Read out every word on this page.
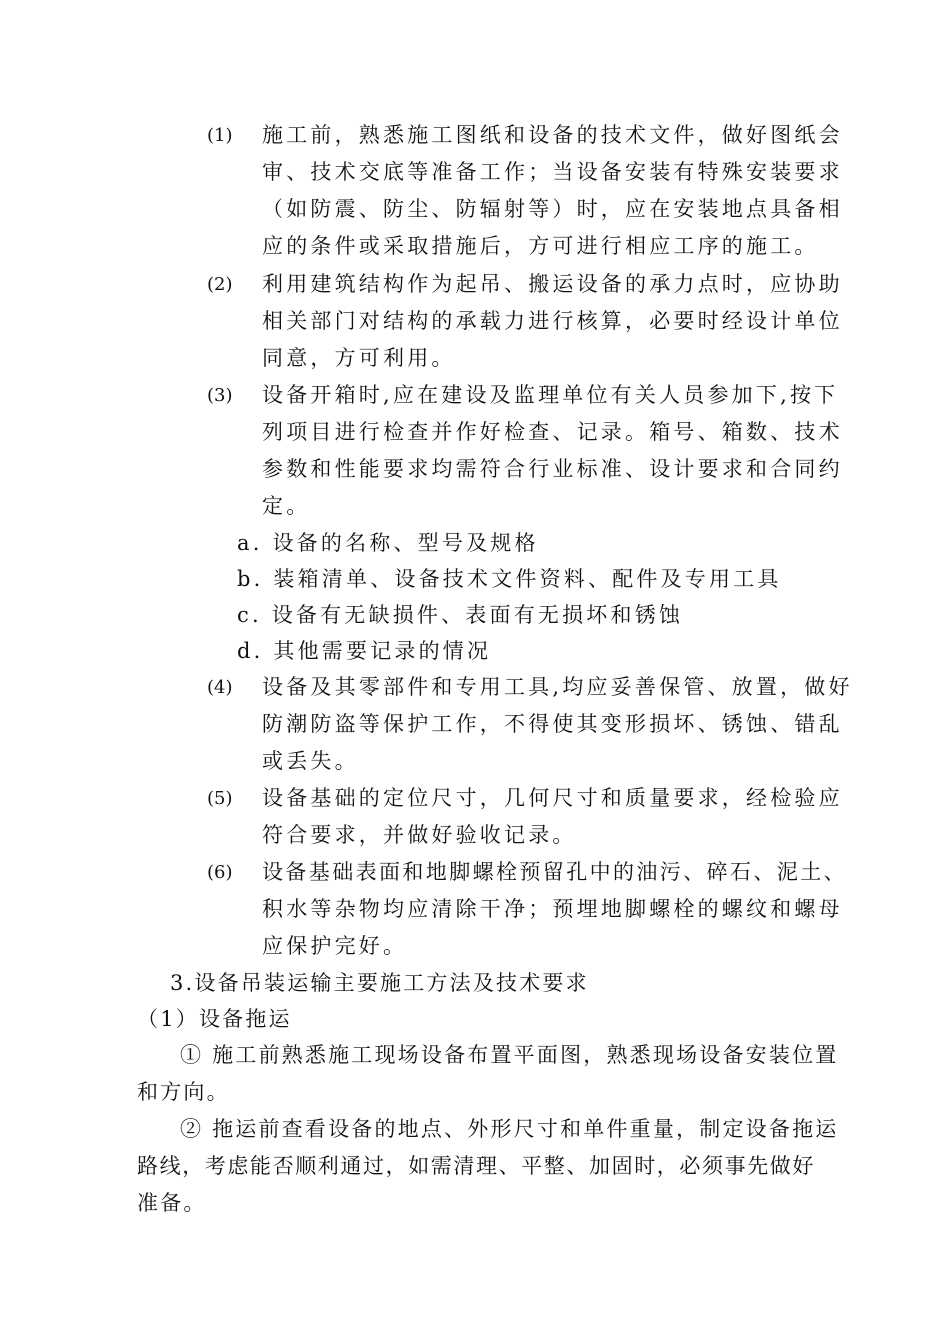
(1)	施工前，熟悉施工图纸和设备的技术文件，做好图纸会
审、技术交底等准备工作；当设备安装有特殊安装要求
（如防震、防尘、防辐射等）时，应在安装地点具备相
应的条件或采取措施后，方可进行相应工序的施工。
(2)	利用建筑结构作为起吊、搬运设备的承力点时，应协助
相关部门对结构的承载力进行核算，必要时经设计单位
同意，方可利用。
(3)	设备开箱时,应在建设及监理单位有关人员参加下,按下
列项目进行检查并作好检查、记录。箱号、箱数、技术
参数和性能要求均需符合行业标准、设计要求和合同约
定。
a. 设备的名称、型号及规格
b. 装箱清单、设备技术文件资料、配件及专用工具
c. 设备有无缺损件、表面有无损坏和锈蚀
d. 其他需要记录的情况
(4)	设备及其零部件和专用工具,均应妥善保管、放置，做好
防潮防盗等保护工作，不得使其变形损坏、锈蚀、错乱
或丢失。
(5)	设备基础的定位尺寸，几何尺寸和质量要求，经检验应
符合要求，并做好验收记录。
(6)	设备基础表面和地脚螺栓预留孔中的油污、碎石、泥土、
积水等杂物均应清除干净；预埋地脚螺栓的螺纹和螺母
应保护完好。
3.设备吊装运输主要施工方法及技术要求
（1）设备拖运
① 施工前熟悉施工现场设备布置平面图，熟悉现场设备安装位置
和方向。
② 拖运前查看设备的地点、外形尺寸和单件重量，制定设备拖运
路线，考虑能否顺利通过，如需清理、平整、加固时，必须事先做好
准备。
